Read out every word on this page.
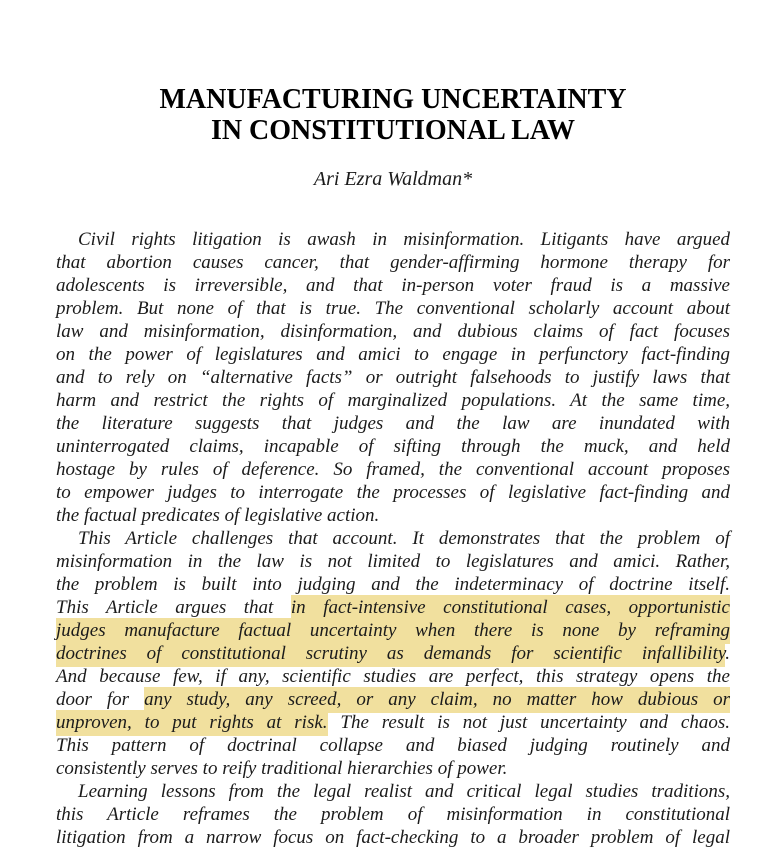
MANUFACTURING UNCERTAINTY
IN CONSTITUTIONAL LAW
Ari Ezra Waldman*
Civil rights litigation is awash in misinformation. Litigants have argued
that abortion causes cancer, that gender-affirming hormone therapy for
adolescents is irreversible, and that in-person voter fraud is a massive
problem. But none of that is true. The conventional scholarly account about
law and misinformation, disinformation, and dubious claims of fact focuses
on the power of legislatures and amici to engage in perfunctory fact-finding
and to rely on “alternative facts” or outright falsehoods to justify laws that
harm and restrict the rights of marginalized populations. At the same time,
the literature suggests that judges and the law are inundated with
uninterrogated claims, incapable of sifting through the muck, and held
hostage by rules of deference. So framed, the conventional account proposes
to empower judges to interrogate the processes of legislative fact-finding and
the factual predicates of legislative action.
This Article challenges that account. It demonstrates that the problem of
misinformation in the law is not limited to legislatures and amici. Rather,
the problem is built into judging and the indeterminacy of doctrine itself.
This Article argues that in fact-intensive constitutional cases, opportunistic
judges manufacture factual uncertainty when there is none by reframing
doctrines of constitutional scrutiny as demands for scientific infallibility.
And because few, if any, scientific studies are perfect, this strategy opens the
door for any study, any screed, or any claim, no matter how dubious or
unproven, to put rights at risk. The result is not just uncertainty and chaos.
This pattern of doctrinal collapse and biased judging routinely and
consistently serves to reify traditional hierarchies of power.
Learning lessons from the legal realist and critical legal studies traditions,
this Article reframes the problem of misinformation in constitutional
litigation from a narrow focus on fact-checking to a broader problem of legal
